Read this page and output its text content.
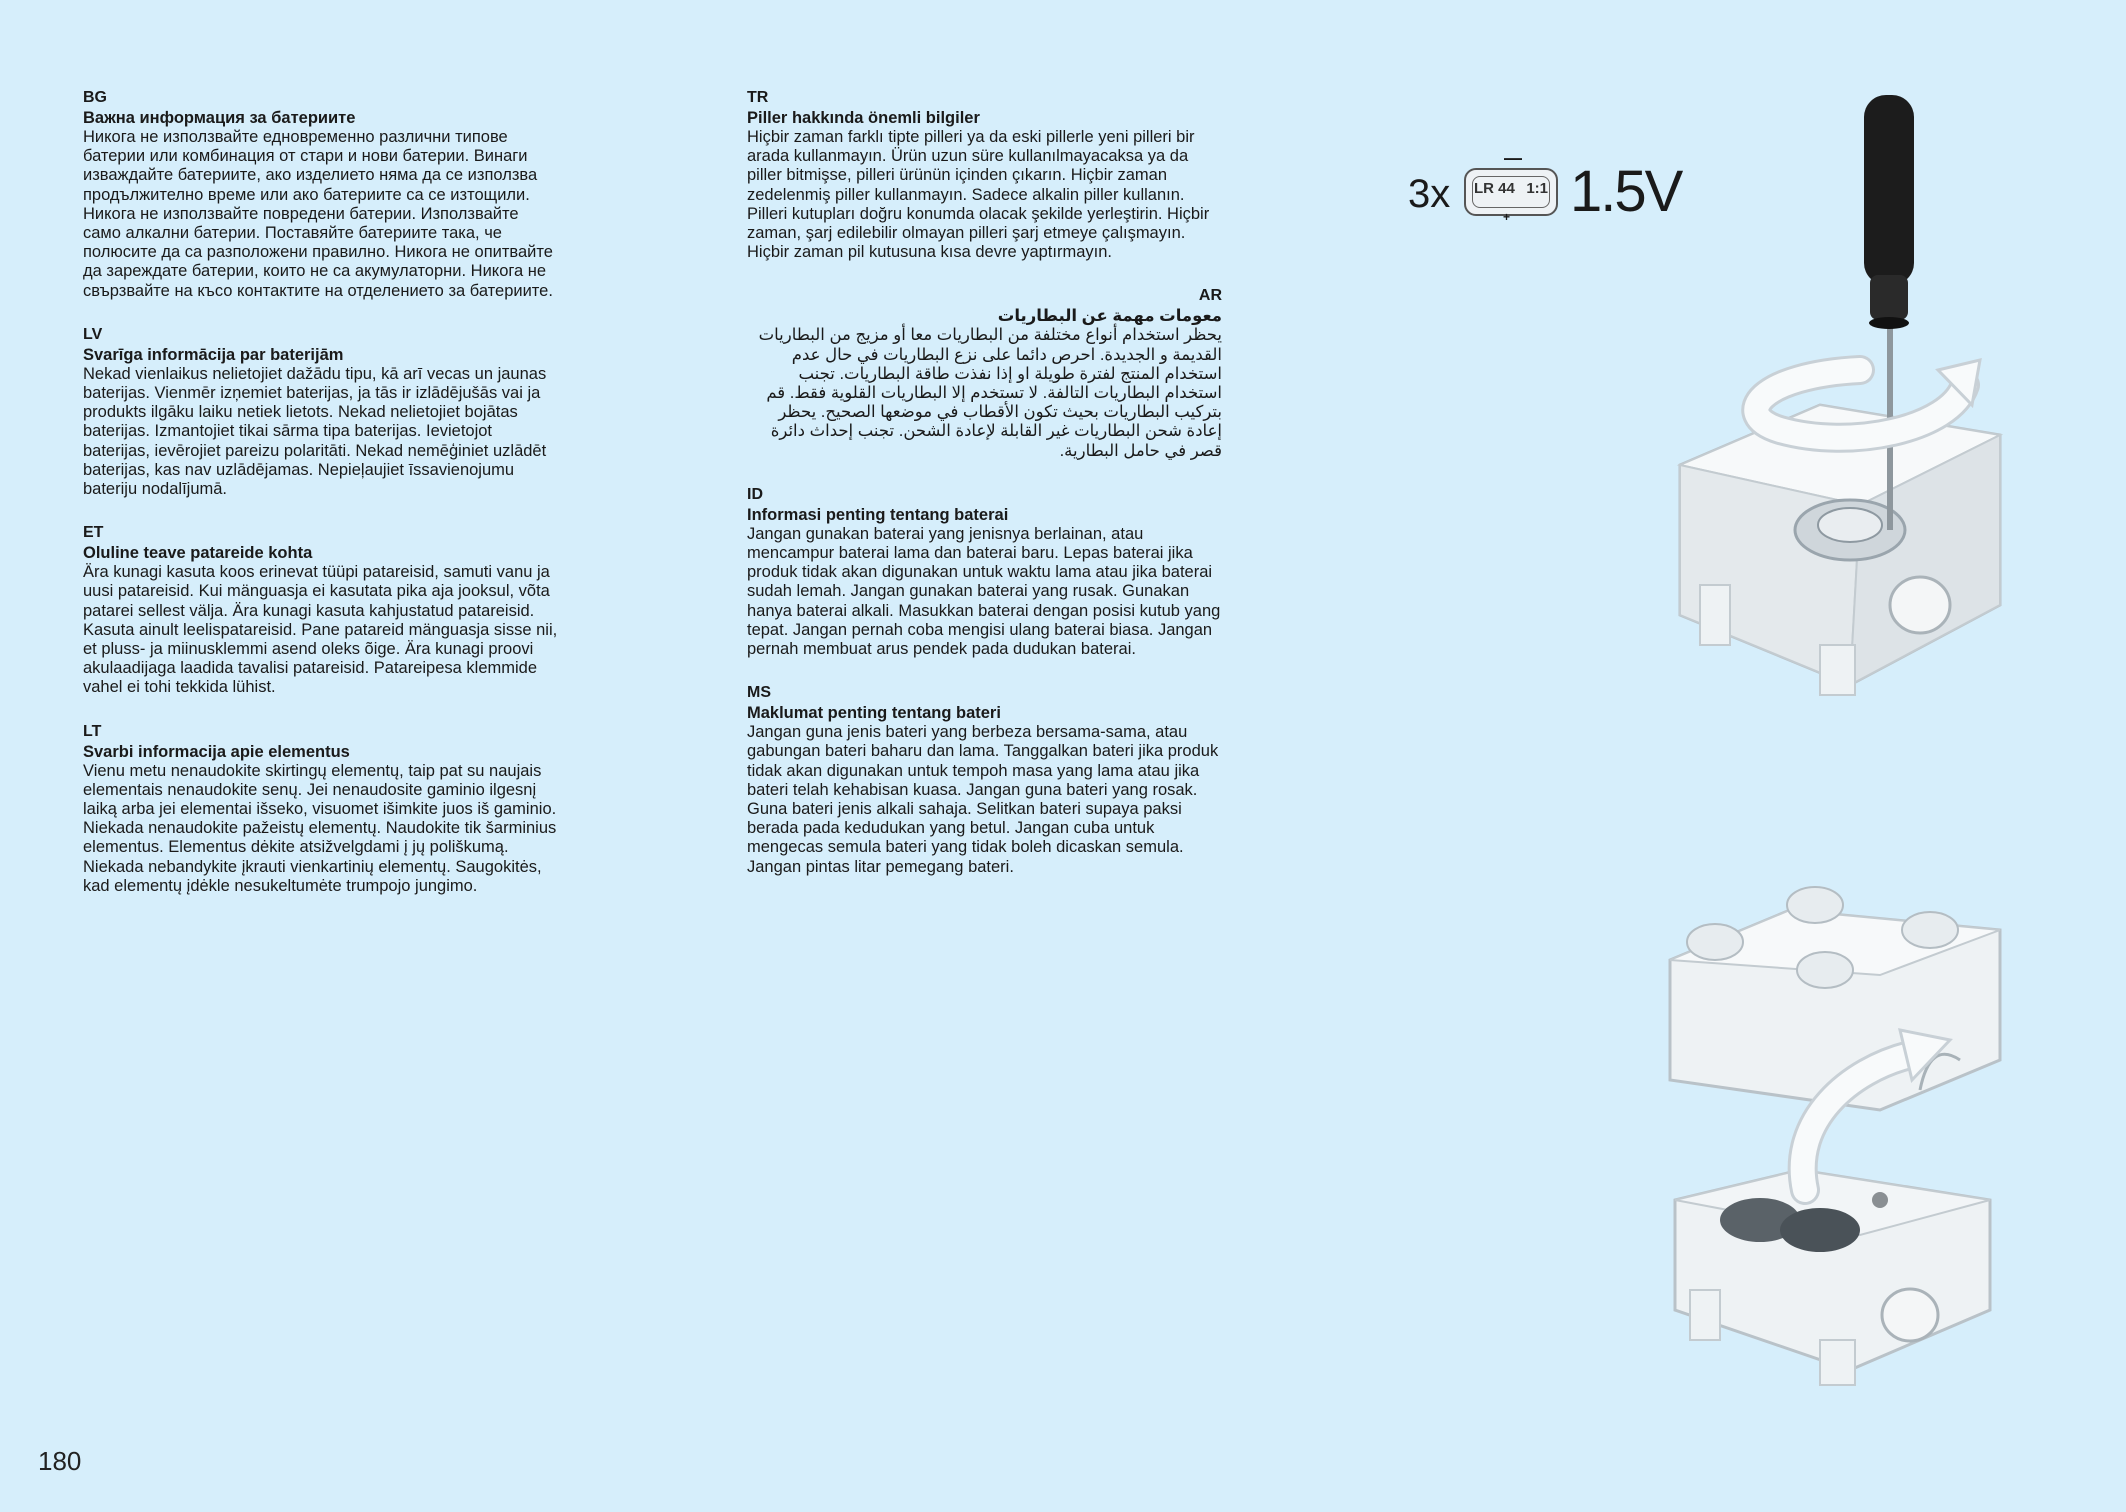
BG
Важна информация за батериите
Никога не използвайте едновременно различни типове батерии или комбинация от стари и нови батерии. Винаги изваждайте батериите, ако изделието няма да се използва продължително време или ако батериите са се изтощили. Никога не използвайте повредени батерии. Използвайте само алкални батерии. Поставяйте батериите така, че полюсите да са разположени правилно. Никога не опитвайте да зареждате батерии, които не са акумулаторни. Никога не свързвайте на късо контактите на отделението за батериите.
LV
Svarīga informācija par baterijām
Nekad vienlaikus nelietojiet dažādu tipu, kā arī vecas un jaunas baterijas. Vienmēr izņemiet baterijas, ja tās ir izlādējušās vai ja produkts ilgāku laiku netiek lietots. Nekad nelietojiet bojātas baterijas. Izmantojiet tikai sārma tipa baterijas. Ievietojot baterijas, ievērojiet pareizu polaritāti. Nekad nemēģiniet uzlādēt baterijas, kas nav uzlādējamas. Nepieļaujiet īssavienojumu bateriju nodalījumā.
ET
Oluline teave patareide kohta
Ära kunagi kasuta koos erinevat tüüpi patareisid, samuti vanu ja uusi patareisid. Kui mänguasja ei kasutata pika aja jooksul, võta patarei sellest välja. Ära kunagi kasuta kahjustatud patareisid. Kasuta ainult leelispatareisid. Pane patareid mänguasja sisse nii, et pluss- ja miinusklemmi asend oleks õige. Ära kunagi proovi akulaadijaga laadida tavalisi patareisid. Patareipesa klemmide vahel ei tohi tekkida lühist.
LT
Svarbi informacija apie elementus
Vienu metu nenaudokite skirtingų elementų, taip pat su naujais elementais nenaudokite senų. Jei nenaudosite gaminio ilgesnį laiką arba jei elementai išseko, visuomet išimkite juos iš gaminio. Niekada nenaudokite pažeistų elementų. Naudokite tik šarminius elementus. Elementus dėkite atsižvelgdami į jų poliškumą. Niekada nebandykite įkrauti vienkartinių elementų. Saugokitės, kad elementų įdėkle nesukeltumėte trumpojo jungimo.
TR
Piller hakkında önemli bilgiler
Hiçbir zaman farklı tipte pilleri ya da eski pillerle yeni pilleri bir arada kullanmayın. Ürün uzun süre kullanılmayacaksa ya da piller bitmişse, pilleri ürünün içinden çıkarın. Hiçbir zaman zedelenmiş piller kullanmayın. Sadece alkalin piller kullanın. Pilleri kutupları doğru konumda olacak şekilde yerleştirin. Hiçbir zaman, şarj edilebilir olmayan pilleri şarj etmeye çalışmayın. Hiçbir zaman pil kutusuna kısa devre yaptırmayın.
AR
معومات مهمة عن البطاريات
يحظر استخدام أنواع مختلفة من البطاريات معا أو مزيج من البطاريات القديمة و الجديدة. احرص دائما على نزع البطاريات في حال عدم استخدام المنتج لفترة طويلة او إذا نفذت طاقة البطاريات. تجنب استخدام البطاريات التالفة. لا تستخدم إلا البطاريات القلوية فقط. قم بتركيب البطاريات بحيث تكون الأقطاب في موضعها الصحيح. يحظر إعادة شحن البطاريات غير القابلة لإعادة الشحن. تجنب إحداث دائرة قصر في حامل البطارية.
ID
Informasi penting tentang baterai
Jangan gunakan baterai yang jenisnya berlainan, atau mencampur baterai lama dan baterai baru. Lepas baterai jika produk tidak akan digunakan untuk waktu lama atau jika baterai sudah lemah. Jangan gunakan baterai yang rusak. Gunakan hanya baterai alkali. Masukkan baterai dengan posisi kutub yang tepat. Jangan pernah coba mengisi ulang baterai biasa. Jangan pernah membuat arus pendek pada dudukan baterai.
MS
Maklumat penting tentang bateri
Jangan guna jenis bateri yang berbeza bersama-sama, atau gabungan bateri baharu dan lama. Tanggalkan bateri jika produk tidak akan digunakan untuk tempoh masa yang lama atau jika bateri telah kehabisan kuasa. Jangan guna bateri yang rosak. Guna bateri jenis alkali sahaja. Selitkan bateri supaya paksi berada pada kedudukan yang betul. Jangan cuba untuk mengecas semula bateri yang tidak boleh dicaskan semula. Jangan pintas litar pemegang bateri.
3x
—
LR 44 1:1
+ 1.5V
180
